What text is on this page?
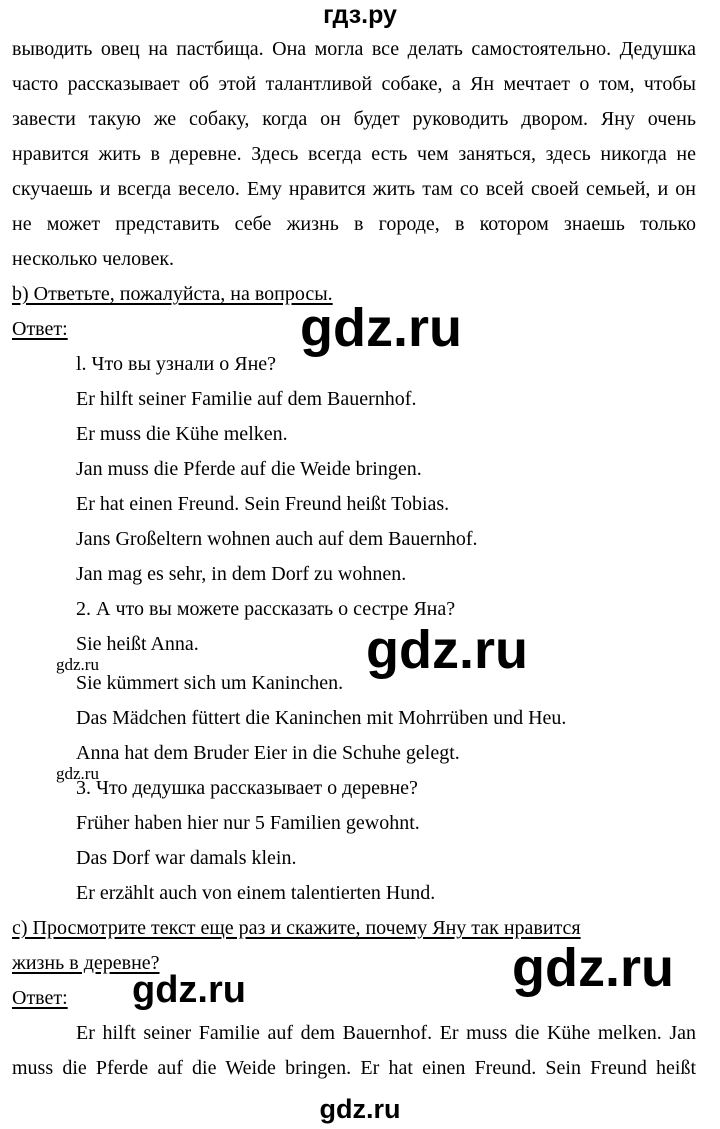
гдз.ру
выводить овец на пастбища. Она могла все делать самостоятельно. Дедушка
часто рассказывает об этой талантливой собаке, а Ян мечтает о том, чтобы
завести такую же собаку, когда он будет руководить двором. Яну очень
нравится жить в деревне. Здесь всегда есть чем заняться, здесь никогда не
скучаешь и всегда весело. Ему нравится жить там со всей своей семьей, и он
не может представить себе жизнь в городе, в котором знаешь только
несколько человек.
b) Ответьте, пожалуйста, на вопросы.
Ответ:
l. Что вы узнали о Яне?
Er hilft seiner Familie auf dem Bauernhof.
Er muss die Kühe melken.
Jan muss die Pferde auf die Weide bringen.
Er hat einen Freund. Sein Freund heißt Tobias.
Jans Großeltern wohnen auch auf dem Bauernhof.
Jan mag es sehr, in dem Dorf zu wohnen.
2. А что вы можете рассказать о сестре Яна?
Sie heißt Anna.
Sie kümmert sich um Kaninchen.
Das Mädchen füttert die Kaninchen mit Mohrrüben und Heu.
Anna hat dem Bruder Eier in die Schuhe gelegt.
3. Что дедушка рассказывает о деревне?
Früher haben hier nur 5 Familien gewohnt.
Das Dorf war damals klein.
Er erzählt auch von einem talentierten Hund.
c) Просмотрите текст еще раз и скажите, почему Яну так нравится
жизнь в деревне?
Ответ:
Er hilft seiner Familie auf dem Bauernhof. Er muss die Kühe melken. Jan
muss die Pferde auf die Weide bringen. Er hat einen Freund. Sein Freund heißt
gdz.ru
gdz.ru
gdz.ru
gdz.ru
gdz.ru
gdz.ru
gdz.ru
